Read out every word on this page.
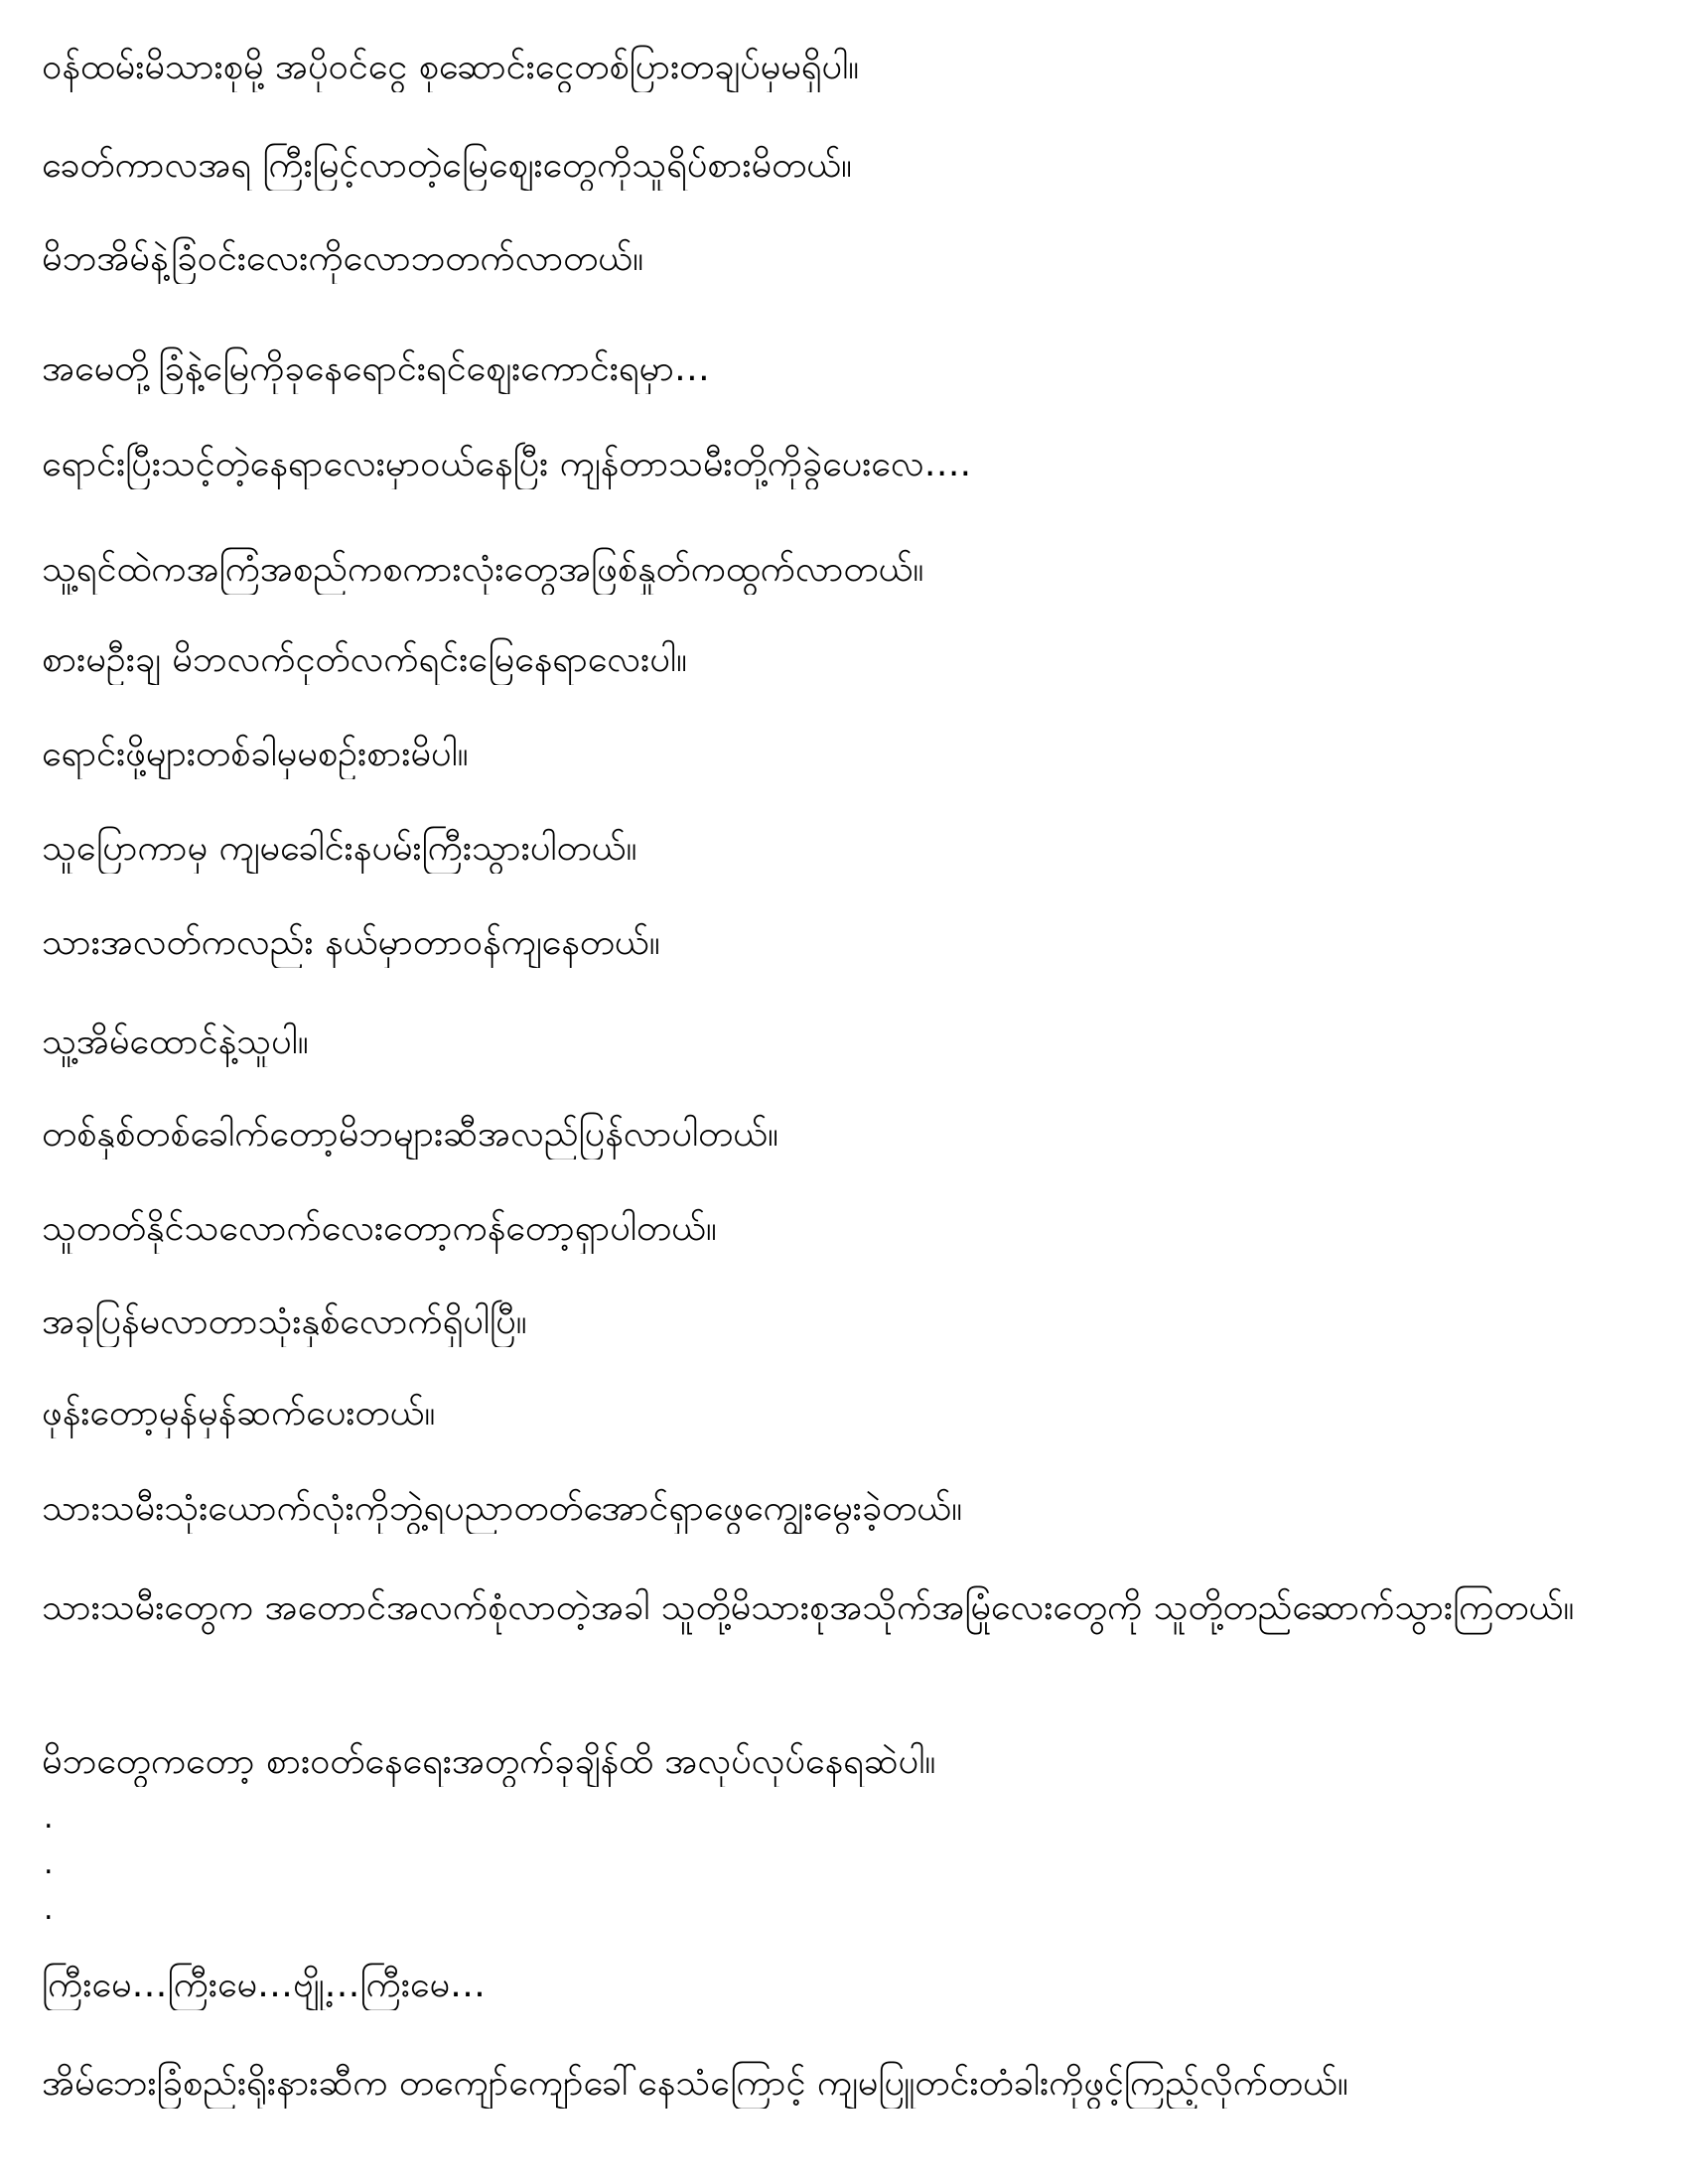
ဝန်ထမ်းမိသားစုမို့ အပိုဝင်ငွေ စုဆောင်းငွေတစ်ပြားတချပ်မှမရှိပါ။
ခေတ်ကာလအရ ကြီးမြင့်လာတဲ့မြေစျေးတွေကိုသူရိပ်စားမိတယ်။
မိဘအိမ်နဲ့ခြံဝင်းလေးကိုလောဘတက်လာတယ်။
အမေတို့ခြံနဲ့မြေကိုခုနေရောင်းရင်စျေးကောင်းရမှာ…
ရောင်းပြီးသင့်တဲ့နေရာလေးမှာဝယ်နေပြီး ကျန်တာသမီးတို့ကိုခွဲပေးလေ….
သူ့ရင်ထဲကအကြံအစည်ကစကားလုံးတွေအဖြစ်နှုတ်ကထွက်လာတယ်။
စားမဦးချ မိဘလက်ငုတ်လက်ရင်းမြေနေရာလေးပါ။
ရောင်းဖို့များတစ်ခါမှမစဥ်းစားမိပါ။
သူပြောကာမှ ကျမခေါင်းနပမ်းကြီးသွားပါတယ်။
သားအလတ်ကလည်း နယ်မှာတာဝန်ကျနေတယ်။
သူ့အိမ်ထောင်နဲ့သူပါ။
တစ်နှစ်တစ်ခေါက်တော့မိဘများဆီအလည်ပြန်လာပါတယ်။
သူတတ်နိုင်သလောက်လေးတော့ကန်တော့ရှာပါတယ်။
အခုပြန်မလာတာသုံးနှစ်လောက်ရှိပါပြီ။
ဖုန်းတော့မှန်မှန်ဆက်ပေးတယ်။
သားသမီးသုံးယောက်လုံးကိုဘွဲ့ရပညာတတ်အောင်ရှာဖွေကျွေးမွေးခဲ့တယ်။
သားသမီးတွေက အတောင်အလက်စုံလာတဲ့အခါ သူတို့မိသားစုအသိုက်အမြုံလေးတွေကို သူတို့တည်ဆောက်သွားကြတယ်။
မိဘတွေကတော့ စားဝတ်နေရေးအတွက်ခုချိန်ထိ အလုပ်လုပ်နေရဆဲပါ။
.
.
.
ကြီးမေ…ကြီးမေ…ဗျို့…ကြီးမေ…
အိမ်ဘေးခြံစည်းရိုးနားဆီက တကျော်ကျော်ခေါ်နေသံကြောင့် ကျမပြူတင်းတံခါးကိုဖွင့်ကြည့်လိုက်တယ်။
